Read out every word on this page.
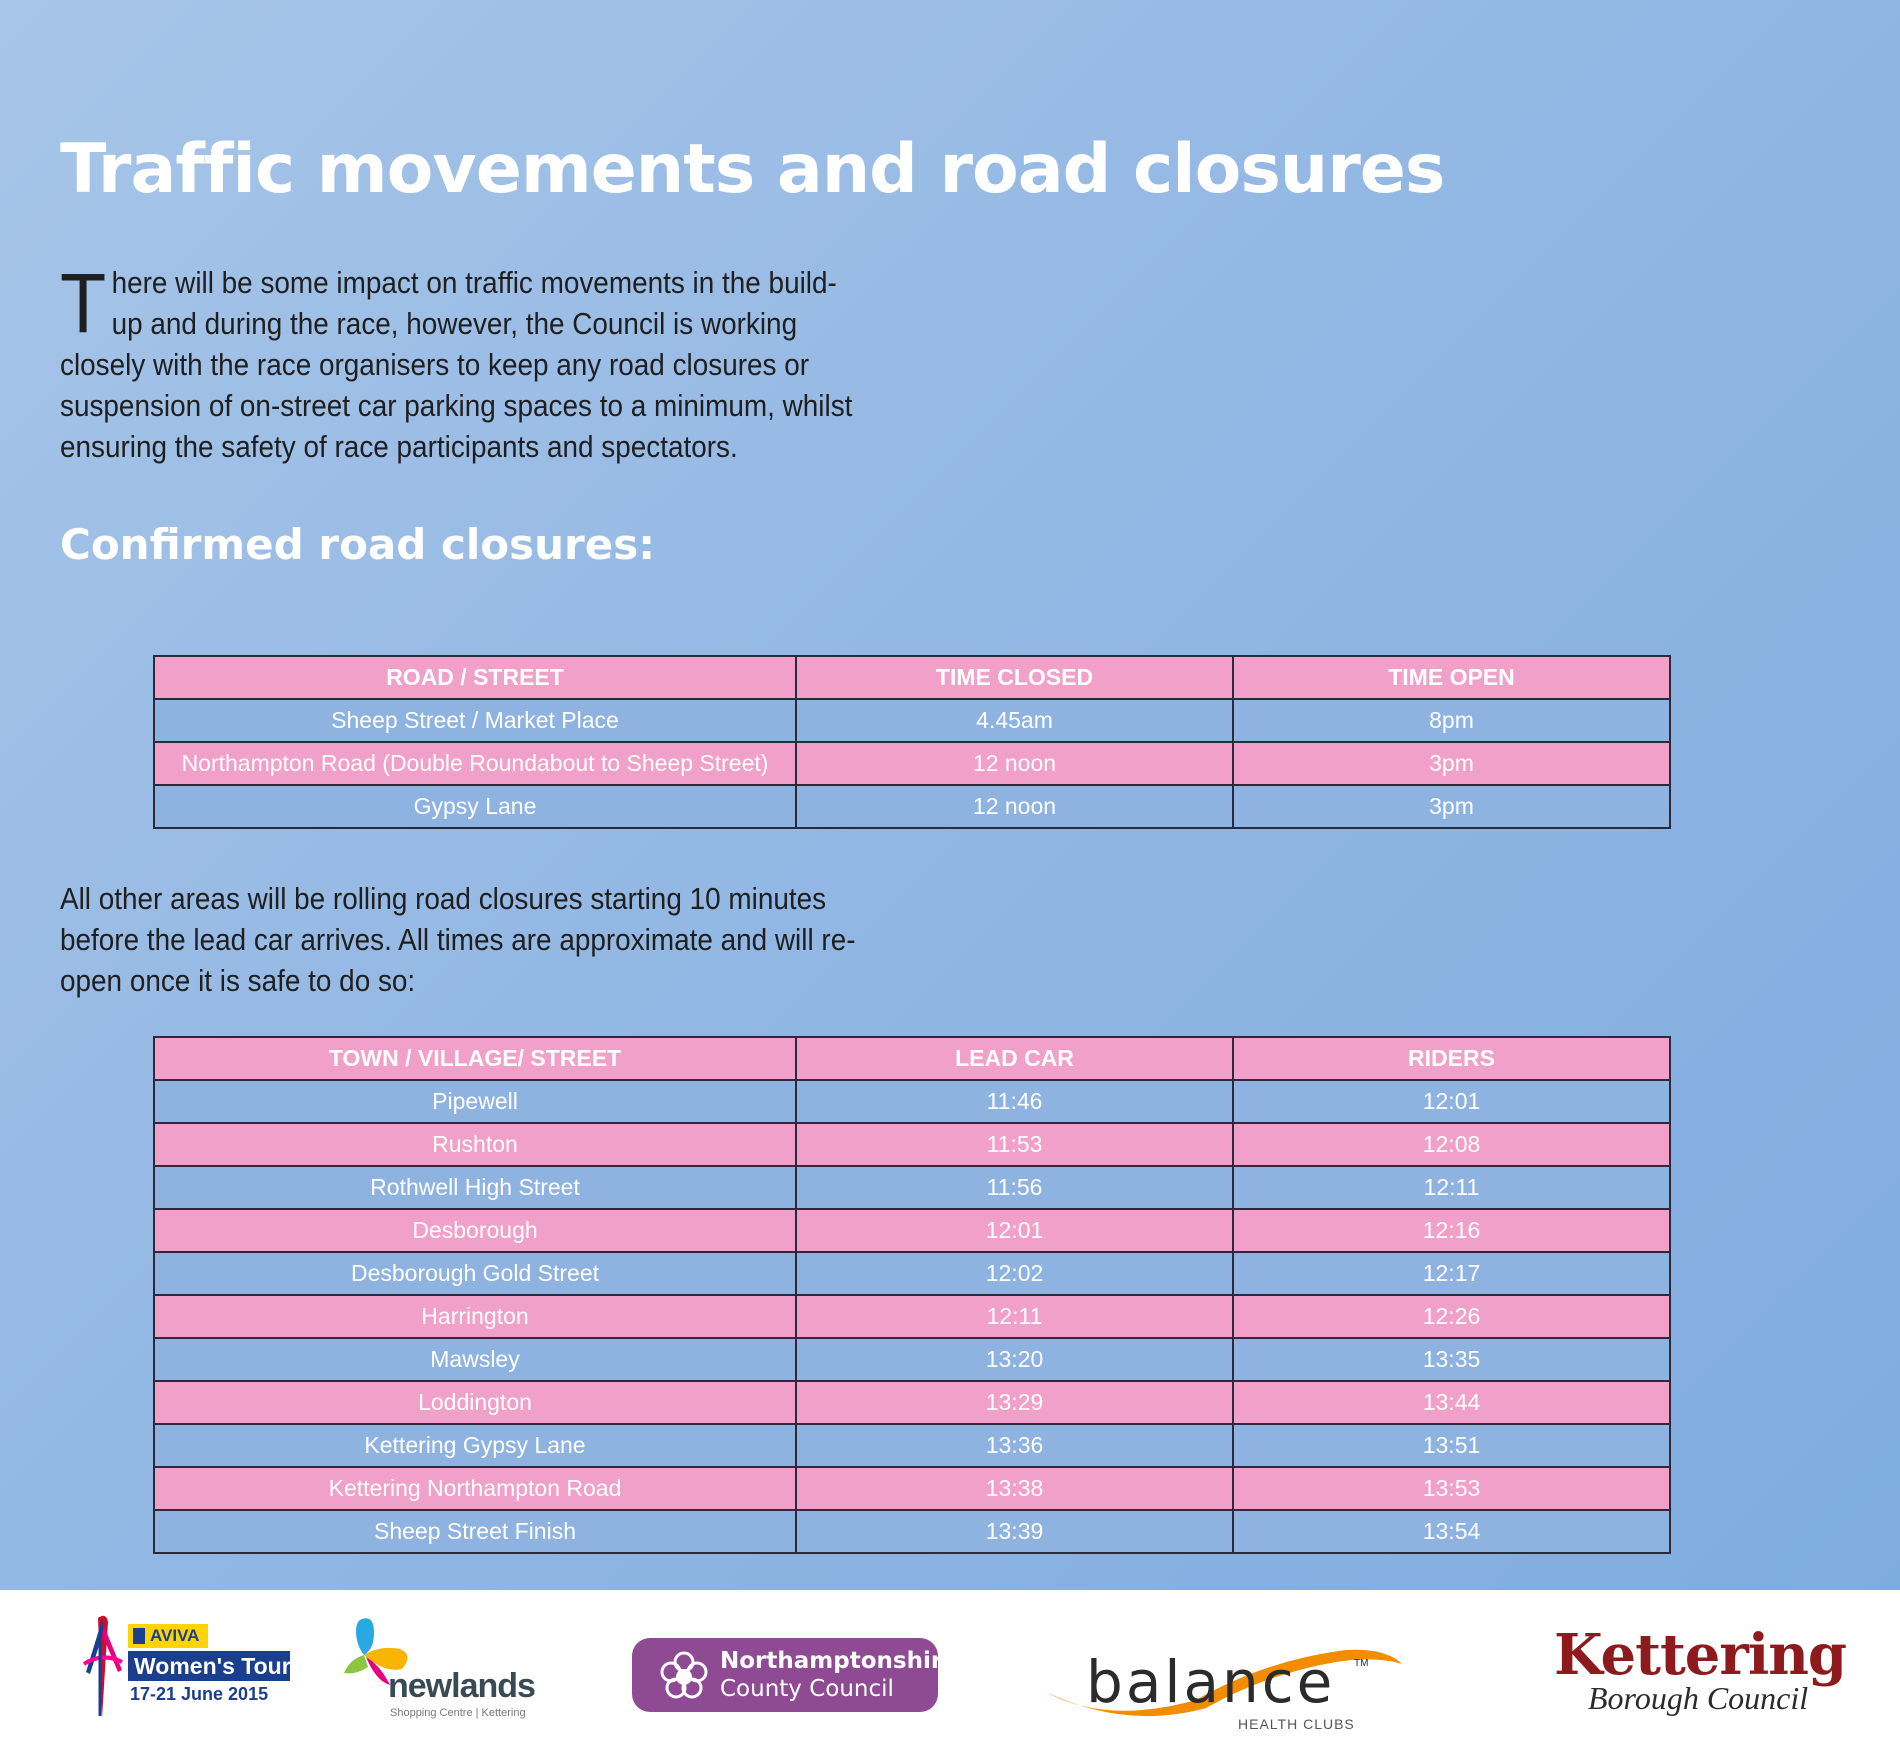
Traffic movements and road closures

There will be some impact on traffic movements in the build- up and during the race, however, the Council is working closely with the race organisers to keep any road closures or suspension of on-street car parking spaces to a minimum, whilst ensuring the safety of race participants and spectators.

Confirmed road closures:
ROAD / STREET	TIME CLOSED	TIME OPEN
Sheep Street / Market Place	4.45am	8pm
Northampton Road (Double Roundabout to Sheep Street)	12 noon	3pm
Gypsy Lane	12 noon	3pm

All other areas will be rolling road closures starting 10 minutes before the lead car arrives. All times are approximate and will re-open once it is safe to do so:

TOWN / VILLAGE/ STREET	LEAD CAR	RIDERS
Pipewell	11:46	12:01
Rushton	11:53	12:08
Rothwell High Street	11:56	12:11
Desborough	12:01	12:16
Desborough Gold Street	12:02	12:17
Harrington	12:11	12:26
Mawsley	13:20	13:35
Loddington	13:29	13:44
Kettering Gypsy Lane	13:36	13:51
Kettering Northampton Road	13:38	13:53
Sheep Street Finish	13:39	13:54
AVIVA
Women's Tour
17-21 June 2015	newlands
Shopping Centre | Kettering
Northamptonshire
County Council	balance TM
HEALTH CLUBS
Kettering
Borough Council
